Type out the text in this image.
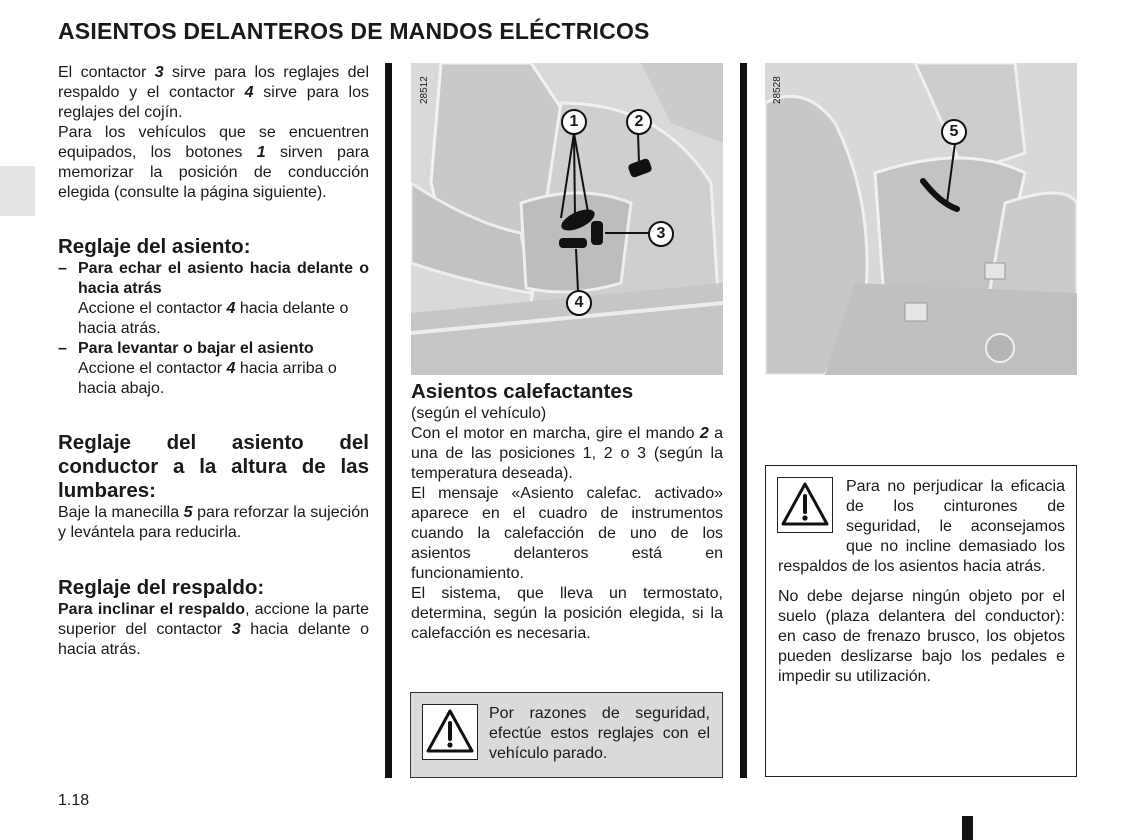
ASIENTOS DELANTEROS DE MANDOS ELÉCTRICOS

El contactor 3 sirve para los reglajes del respaldo y el contactor 4 sirve para los reglajes del cojín.

Para los vehículos que se encuentren equipados, los botones 1 sirven para memorizar la posición de conducción elegida (consulte la página siguiente).

Reglaje del asiento:

– Para echar el asiento hacia delante o hacia atrás
Accione el contactor 4 hacia delante o hacia atrás.
– Para levantar o bajar el asiento
Accione el contactor 4 hacia arriba o hacia abajo.

Reglaje del asiento del conductor a la altura de las lumbares:

Baje la manecilla 5 para reforzar la sujeción y levántela para reducirla.

Reglaje del respaldo:

Para inclinar el respaldo, accione la parte superior del contactor 3 hacia delante o hacia atrás.

1	2
3
4
28512
5
28528

Asientos calefactantes

(según el vehículo)

Con el motor en marcha, gire el mando 2 a una de las posiciones 1, 2 o 3 (según la temperatura deseada).

El mensaje «Asiento calefac. activado» aparece en el cuadro de instrumentos cuando la calefacción de uno de los asientos delanteros está en funcionamiento.

El sistema, que lleva un termostato, determina, según la posición elegida, si la calefacción es necesaria.

Por razones de seguridad, efectúe estos reglajes con el vehículo parado.
Para no perjudicar la eficacia de los cinturones de seguridad, le aconsejamos que no incline demasiado los respaldos de los asientos hacia atrás.
No debe dejarse ningún objeto por el suelo (plaza delantera del conductor): en caso de frenazo brusco, los objetos pueden deslizarse bajo los pedales e impedir su utilización.
1.18
